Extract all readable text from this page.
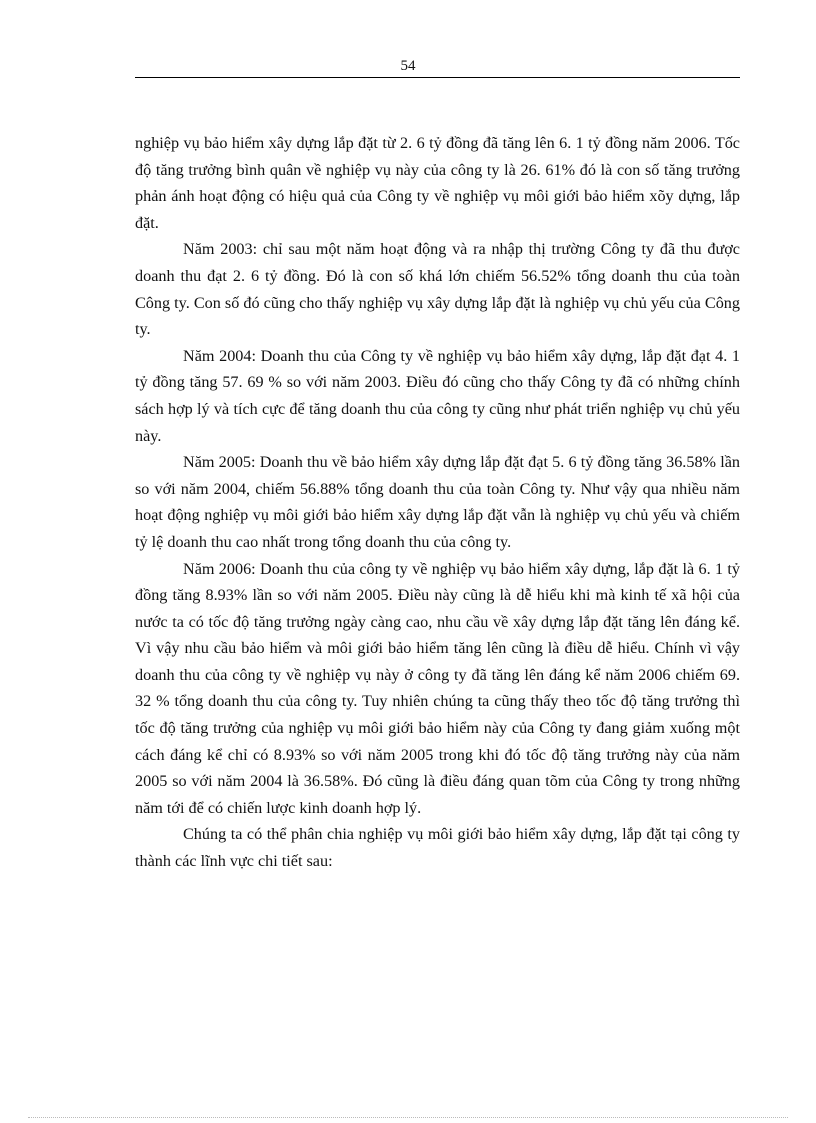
54

nghiệp vụ bảo hiểm xây dựng lắp đặt từ 2. 6 tỷ đồng đã tăng lên 6. 1 tỷ đồng năm 2006. Tốc độ tăng trưởng bình quân về nghiệp vụ này của công ty là 26. 61% đó là con số tăng trưởng phản ánh hoạt động có hiệu quả của Công ty về nghiệp vụ môi giới bảo hiểm xõy dựng, lắp đặt.

Năm 2003: chỉ sau một năm hoạt động và ra nhập thị trường Công ty đã thu được doanh thu đạt 2. 6 tỷ đồng. Đó là con số khá lớn chiếm 56.52% tổng doanh thu của toàn Công ty. Con số đó cũng cho thấy nghiệp vụ xây dựng lắp đặt là nghiệp vụ chủ yếu của Công ty.

Năm 2004: Doanh thu của Công ty về nghiệp vụ bảo hiểm xây dựng, lắp đặt đạt 4. 1 tỷ đồng tăng 57. 69 % so với năm 2003. Điều đó cũng cho thấy Công ty đã có những chính sách hợp lý và tích cực để tăng doanh thu của công ty cũng như phát triển nghiệp vụ chủ yếu này.

Năm 2005: Doanh thu về bảo hiểm xây dựng lắp đặt đạt 5. 6 tỷ đồng tăng 36.58% lần so với năm 2004, chiếm 56.88% tổng doanh thu của toàn Công ty. Như vậy qua nhiều năm hoạt động nghiệp vụ môi giới bảo hiểm xây dựng lắp đặt vẫn là nghiệp vụ chủ yếu và chiếm tỷ lệ doanh thu cao nhất trong tổng doanh thu của công ty.

Năm 2006: Doanh thu của công ty về nghiệp vụ bảo hiểm xây dựng, lắp đặt là 6. 1 tỷ đồng tăng 8.93% lần so với năm 2005. Điều này cũng là dễ hiểu khi mà kinh tế xã hội của nước ta có tốc độ tăng trưởng ngày càng cao, nhu cầu về xây dựng lắp đặt tăng lên đáng kể. Vì vậy nhu cầu bảo hiểm và môi giới bảo hiểm tăng lên cũng là điều dễ hiểu. Chính vì vậy doanh thu của công ty về nghiệp vụ này ở công ty đã tăng lên đáng kể năm 2006 chiếm 69. 32 % tổng doanh thu của công ty. Tuy nhiên chúng ta cũng thấy theo tốc độ tăng trưởng thì tốc độ tăng trưởng của nghiệp vụ môi giới bảo hiểm này của Công ty đang giảm xuống một cách đáng kể chỉ có 8.93% so với năm 2005 trong khi đó tốc độ tăng trưởng này của năm 2005 so với năm 2004 là 36.58%. Đó cũng là điều đáng quan tõm của Công ty trong những năm tới để có chiến lược kinh doanh hợp lý.

Chúng ta có thể phân chia nghiệp vụ môi giới bảo hiểm xây dựng, lắp đặt tại công ty thành các lĩnh vực chi tiết sau:
